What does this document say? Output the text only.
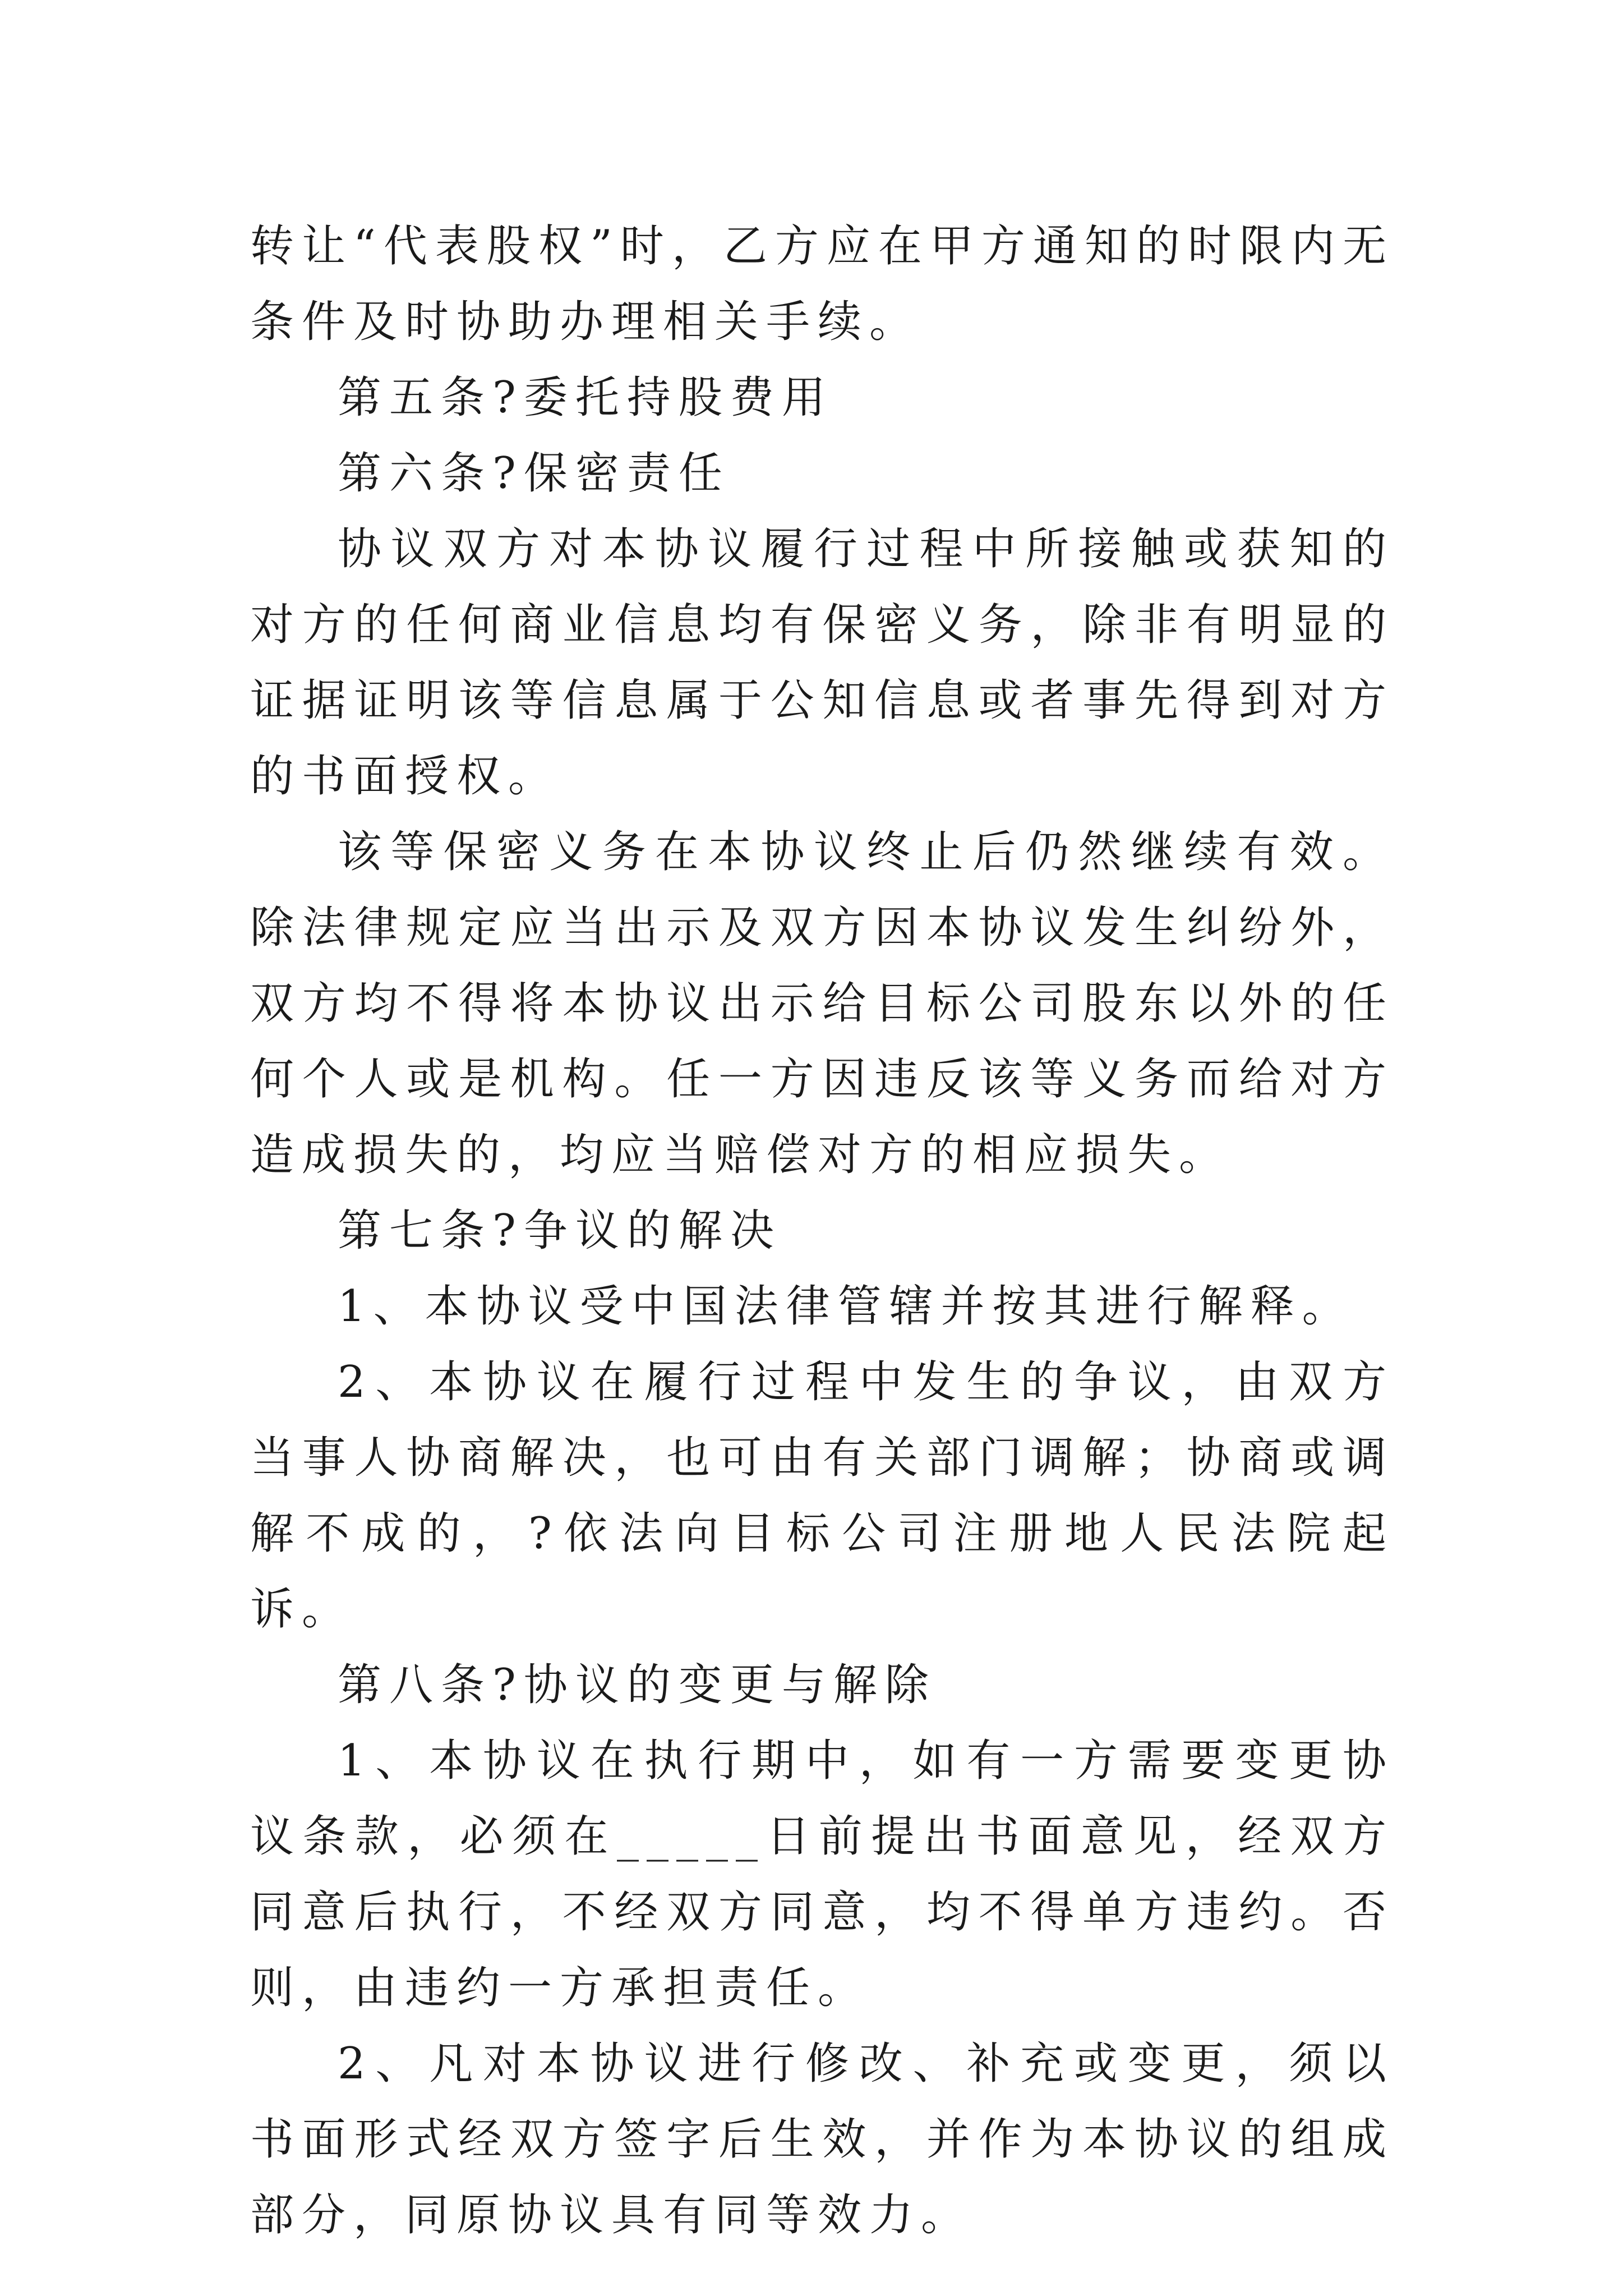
转让“代表股权”时，乙方应在甲方通知的时限内无条件及时协助办理相关手续。

第五条?委托持股费用

第六条?保密责任

协议双方对本协议履行过程中所接触或获知的对方的任何商业信息均有保密义务，除非有明显的证据证明该等信息属于公知信息或者事先得到对方的书面授权。

该等保密义务在本协议终止后仍然继续有效。除法律规定应当出示及双方因本协议发生纠纷外，双方均不得将本协议出示给目标公司股东以外的任何个人或是机构。任一方因违反该等义务而给对方造成损失的，均应当赔偿对方的相应损失。

第七条?争议的解决

1、本协议受中国法律管辖并按其进行解释。

2、本协议在履行过程中发生的争议，由双方当事人协商解决，也可由有关部门调解；协商或调解不成的，?依法向目标公司注册地人民法院起诉。

第八条?协议的变更与解除

1、本协议在执行期中，如有一方需要变更协议条款，必须在_____日前提出书面意见，经双方同意后执行，不经双方同意，均不得单方违约。否则，由违约一方承担责任。

2、凡对本协议进行修改、补充或变更，须以书面形式经双方签字后生效，并作为本协议的组成部分，同原协议具有同等效力。
